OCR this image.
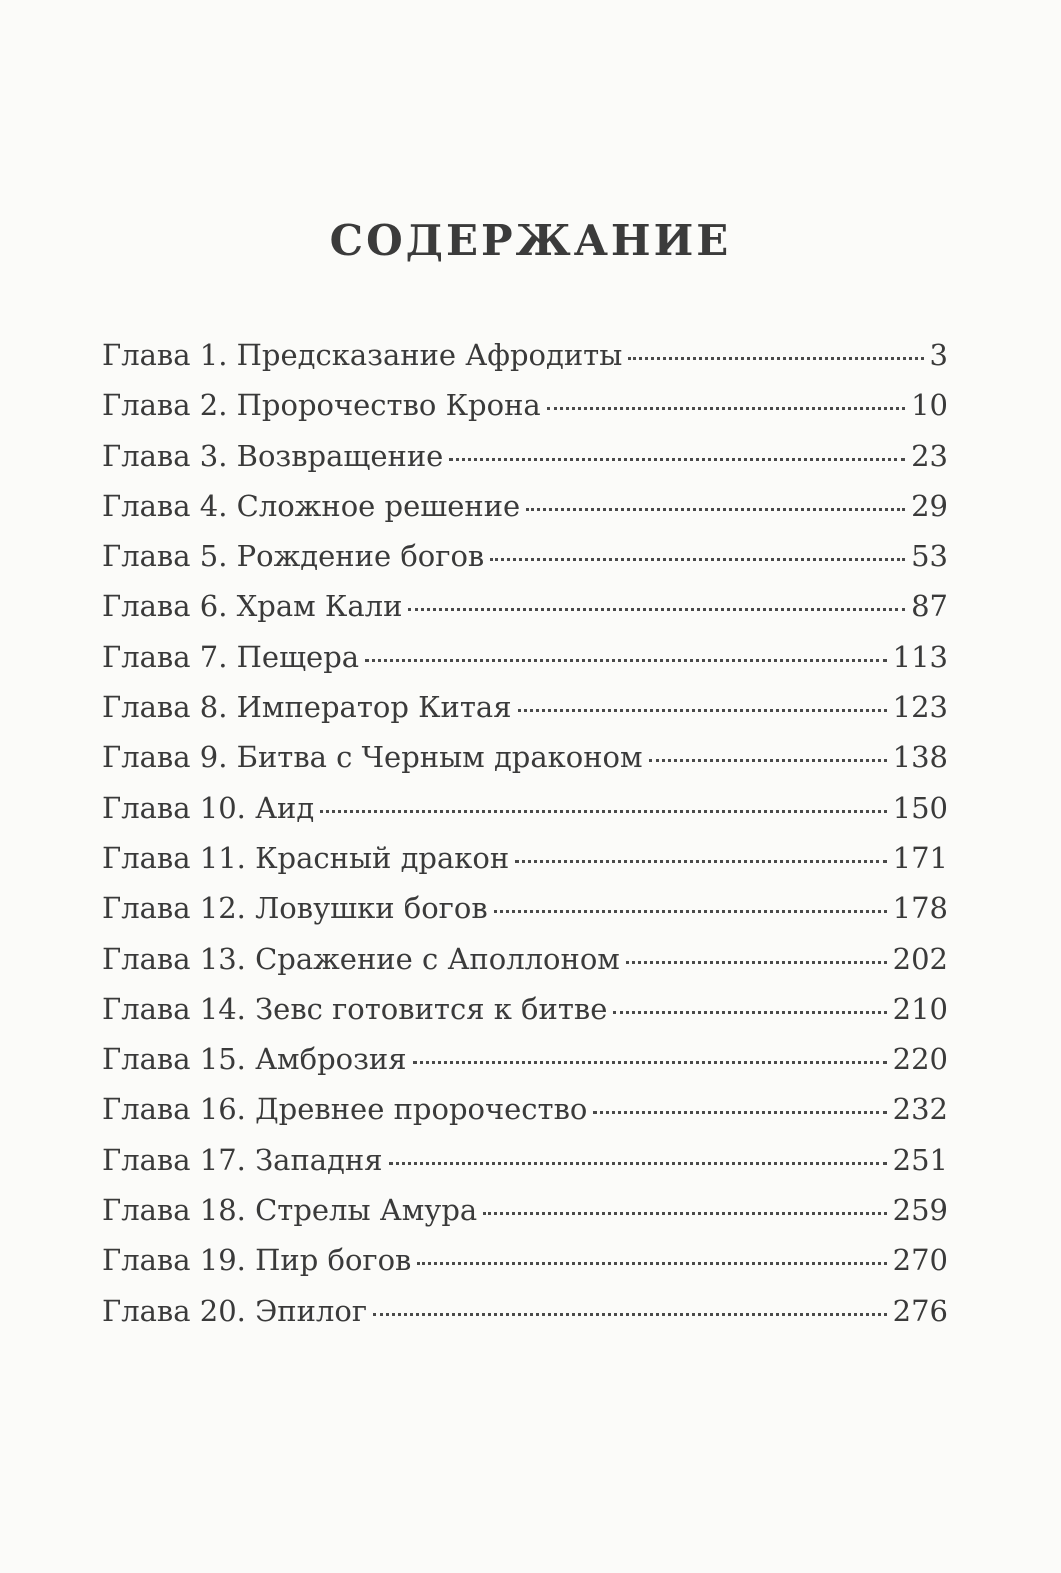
СОДЕРЖАНИЕ
Глава 1. Предсказание Афродиты	3
Глава 2. Пророчество Крона	10
Глава 3. Возвращение	23
Глава 4. Сложное решение	29
Глава 5. Рождение богов	53
Глава 6. Храм Кали	87
Глава 7. Пещера	113
Глава 8. Император Китая	123
Глава 9. Битва с Черным драконом	138
Глава 10. Аид	150
Глава 11. Красный дракон	171
Глава 12. Ловушки богов	178
Глава 13. Сражение с Аполлоном	202
Глава 14. Зевс готовится к битве	210
Глава 15. Амброзия	220
Глава 16. Древнее пророчество	232
Глава 17. Западня	251
Глава 18. Стрелы Амура	259
Глава 19. Пир богов	270
Глава 20. Эпилог	276
